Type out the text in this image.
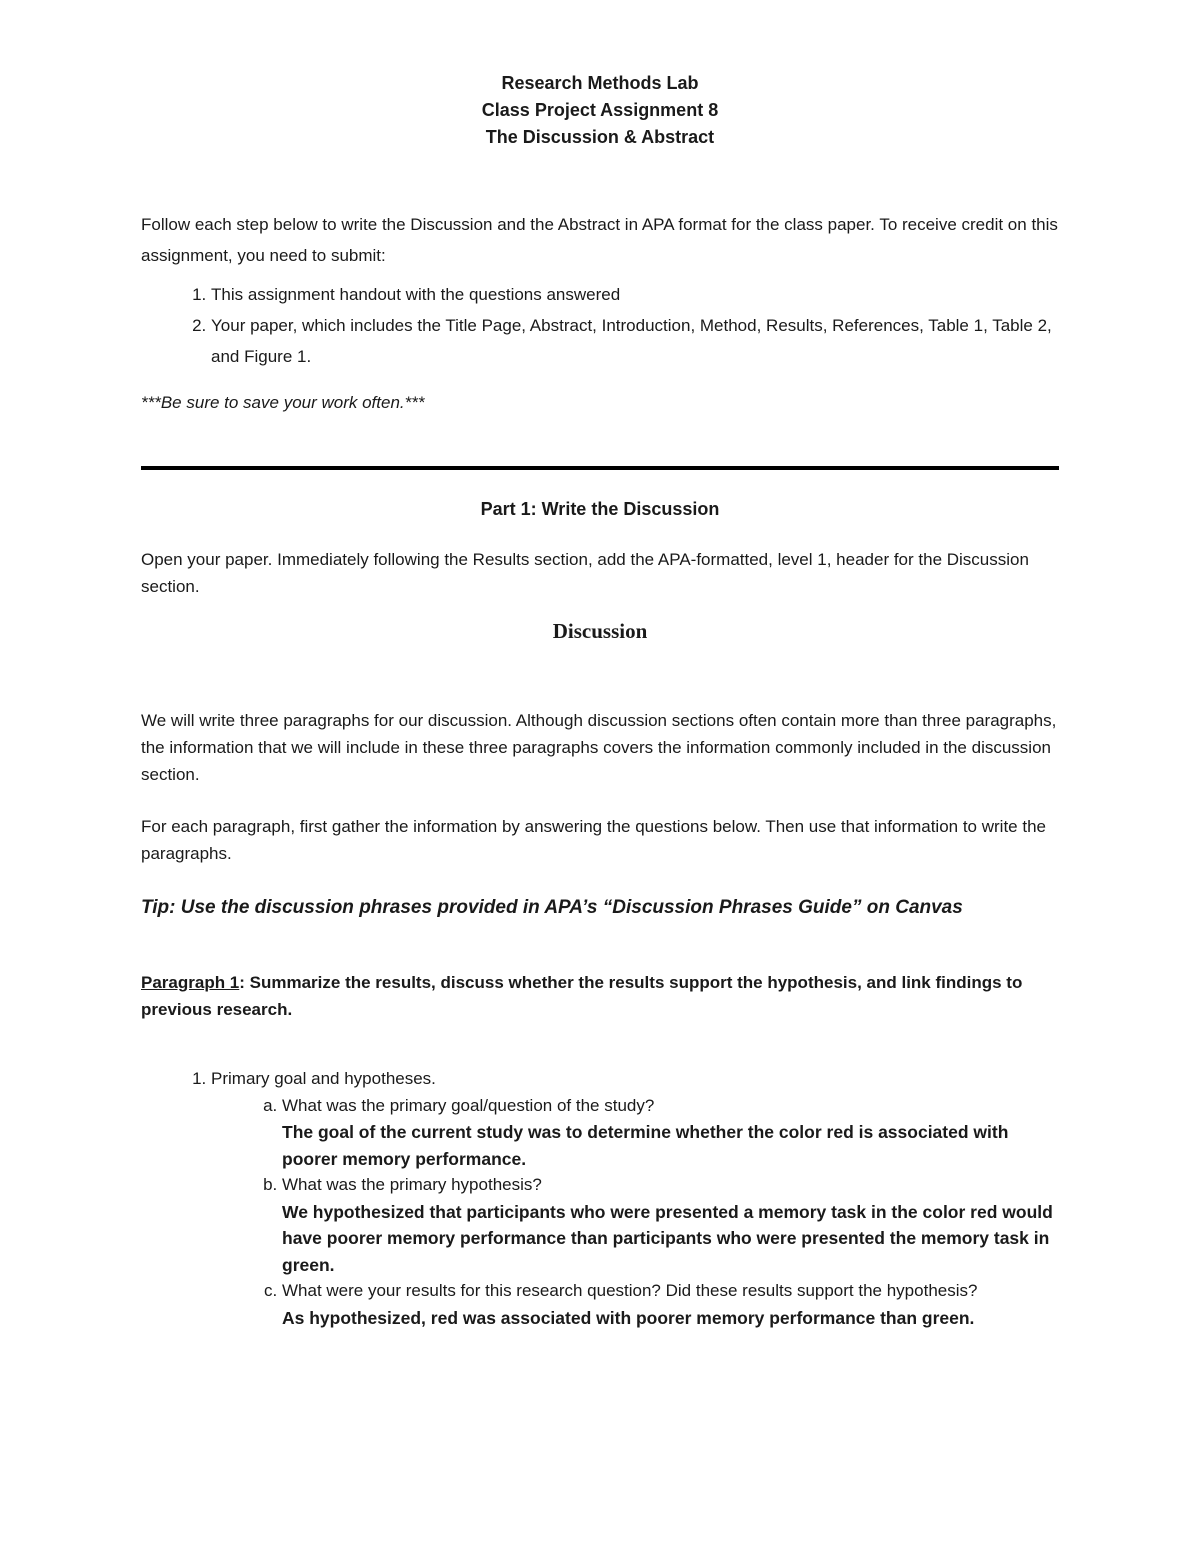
Research Methods Lab
Class Project Assignment 8
The Discussion & Abstract

Follow each step below to write the Discussion and the Abstract in APA format for the class paper. To receive credit on this assignment, you need to submit:

1. This assignment handout with the questions answered
2. Your paper, which includes the Title Page, Abstract, Introduction, Method, Results, References, Table 1, Table 2, and Figure 1.

***Be sure to save your work often.***

Part 1: Write the Discussion

Open your paper. Immediately following the Results section, add the APA-formatted, level 1, header for the Discussion section.

Discussion

We will write three paragraphs for our discussion. Although discussion sections often contain more than three paragraphs, the information that we will include in these three paragraphs covers the information commonly included in the discussion section.

For each paragraph, first gather the information by answering the questions below. Then use that information to write the paragraphs.

Tip: Use the discussion phrases provided in APA’s “Discussion Phrases Guide” on Canvas

Paragraph 1: Summarize the results, discuss whether the results support the hypothesis, and link findings to previous research.

1. Primary goal and hypotheses.
a. What was the primary goal/question of the study?
The goal of the current study was to determine whether the color red is associated with poorer memory performance.
b. What was the primary hypothesis?
We hypothesized that participants who were presented a memory task in the color red would have poorer memory performance than participants who were presented the memory task in green.
c. What were your results for this research question? Did these results support the hypothesis?
As hypothesized, red was associated with poorer memory performance than green.
